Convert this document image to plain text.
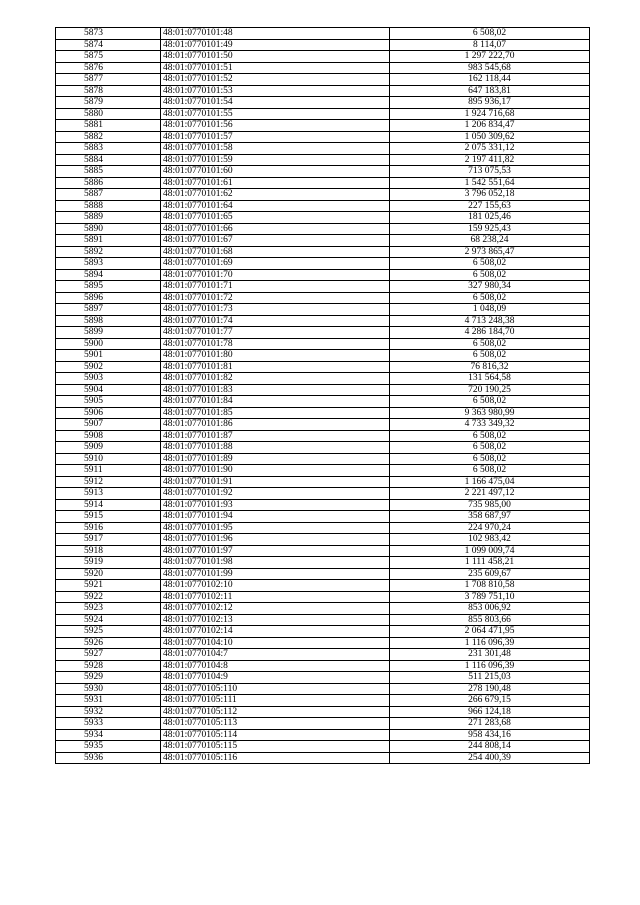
5873	48:01:0770101:48	6 508,02
5874	48:01:0770101:49	8 114,07
5875	48:01:0770101:50	1 297 222,70
5876	48:01:0770101:51	983 545,68
5877	48:01:0770101:52	162 118,44
5878	48:01:0770101:53	647 183,81
5879	48:01:0770101:54	895 936,17
5880	48:01:0770101:55	1 924 716,68
5881	48:01:0770101:56	1 206 834,47
5882	48:01:0770101:57	1 050 309,62
5883	48:01:0770101:58	2 075 331,12
5884	48:01:0770101:59	2 197 411,82
5885	48:01:0770101:60	713 075,53
5886	48:01:0770101:61	1 542 551,64
5887	48:01:0770101:62	3 796 052,18
5888	48:01:0770101:64	227 155,63
5889	48:01:0770101:65	181 025,46
5890	48:01:0770101:66	159 925,43
5891	48:01:0770101:67	68 238,24
5892	48:01:0770101:68	2 973 865,47
5893	48:01:0770101:69	6 508,02
5894	48:01:0770101:70	6 508,02
5895	48:01:0770101:71	327 980,34
5896	48:01:0770101:72	6 508,02
5897	48:01:0770101:73	1 048,09
5898	48:01:0770101:74	4 713 248,38
5899	48:01:0770101:77	4 286 184,70
5900	48:01:0770101:78	6 508,02
5901	48:01:0770101:80	6 508,02
5902	48:01:0770101:81	76 816,32
5903	48:01:0770101:82	131 564,58
5904	48:01:0770101:83	720 190,25
5905	48:01:0770101:84	6 508,02
5906	48:01:0770101:85	9 363 980,99
5907	48:01:0770101:86	4 733 349,32
5908	48:01:0770101:87	6 508,02
5909	48:01:0770101:88	6 508,02
5910	48:01:0770101:89	6 508,02
5911	48:01:0770101:90	6 508,02
5912	48:01:0770101:91	1 166 475,04
5913	48:01:0770101:92	2 221 497,12
5914	48:01:0770101:93	735 985,00
5915	48:01:0770101:94	358 687,97
5916	48:01:0770101:95	224 970,24
5917	48:01:0770101:96	102 983,42
5918	48:01:0770101:97	1 099 009,74
5919	48:01:0770101:98	1 111 458,21
5920	48:01:0770101:99	235 609,67
5921	48:01:0770102:10	1 708 810,58
5922	48:01:0770102:11	3 789 751,10
5923	48:01:0770102:12	853 006,92
5924	48:01:0770102:13	855 803,66
5925	48:01:0770102:14	2 064 471,95
5926	48:01:0770104:10	1 116 096,39
5927	48:01:0770104:7	231 301,48
5928	48:01:0770104:8	1 116 096,39
5929	48:01:0770104:9	511 215,03
5930	48:01:0770105:110	278 190,48
5931	48:01:0770105:111	266 679,15
5932	48:01:0770105:112	966 124,18
5933	48:01:0770105:113	271 283,68
5934	48:01:0770105:114	958 434,16
5935	48:01:0770105:115	244 808,14
5936	48:01:0770105:116	254 400,39
